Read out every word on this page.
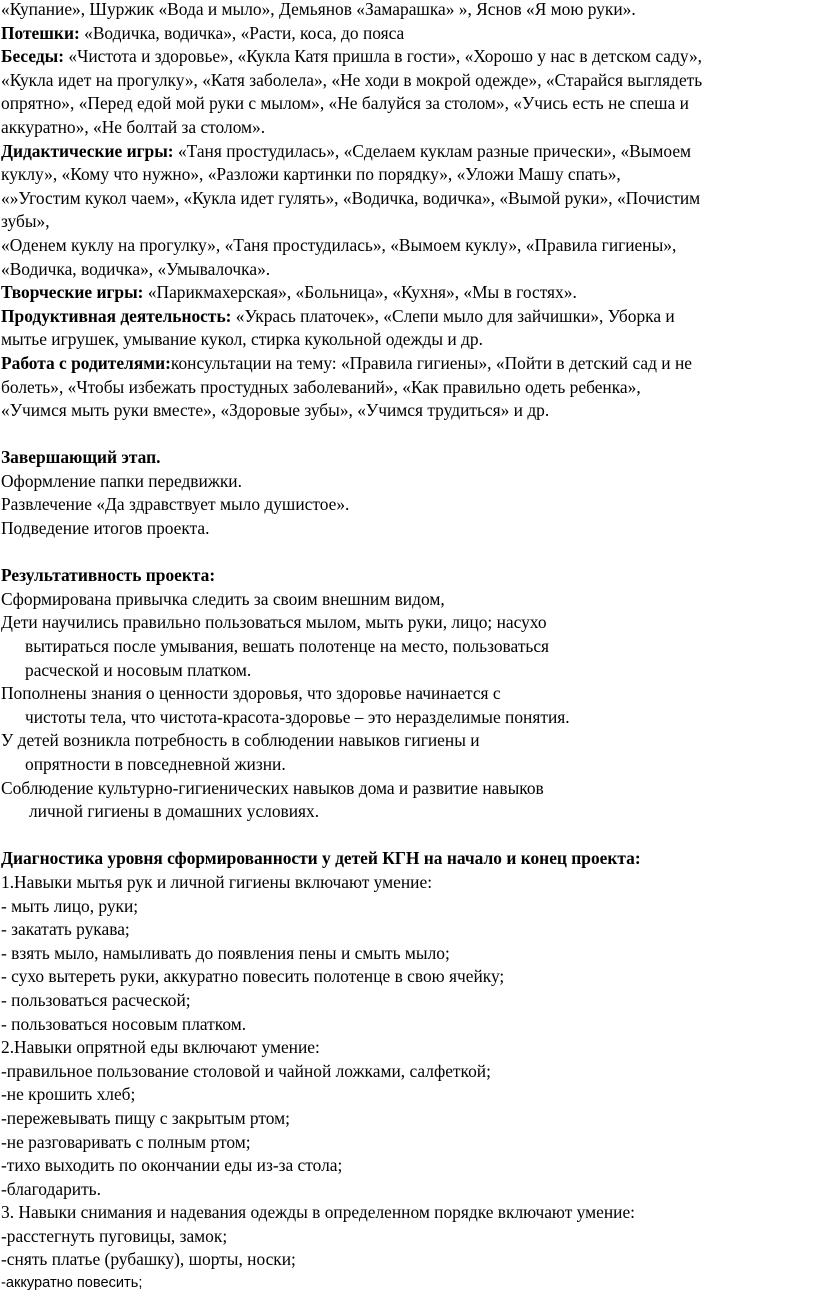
«Купание», Шуржик «Вода и мыло», Демьянов «Замарашка» », Яснов «Я мою руки».
Потешки: «Водичка, водичка», «Расти, коса, до пояса
Беседы: «Чистота и здоровье», «Кукла Катя пришла в гости», «Хорошо у нас в детском саду»,
«Кукла идет на прогулку», «Катя заболела», «Не ходи в мокрой одежде», «Старайся выглядеть
опрятно», «Перед едой мой руки с мылом», «Не балуйся за столом», «Учись есть не спеша и
аккуратно», «Не болтай за столом».
Дидактические игры: «Таня простудилась», «Сделаем куклам разные прически», «Вымоем
куклу», «Кому что нужно», «Разложи картинки по порядку», «Уложи Машу спать»,
«»Угостим кукол чаем», «Кукла идет гулять», «Водичка, водичка», «Вымой руки», «Почистим
зубы»,
«Оденем куклу на прогулку», «Таня простудилась», «Вымоем куклу», «Правила гигиены»,
«Водичка, водичка», «Умывалочка».
Творческие игры: «Парикмахерская», «Больница», «Кухня», «Мы в гостях».
Продуктивная деятельность: «Укрась платочек», «Слепи мыло для зайчишки», Уборка и
мытье игрушек, умывание кукол, стирка кукольной одежды и др.
Работа с родителями:консультации на тему: «Правила гигиены», «Пойти в детский сад и не
болеть», «Чтобы избежать простудных заболеваний», «Как правильно одеть ребенка»,
«Учимся мыть руки вместе», «Здоровые зубы», «Учимся трудиться» и др.
Завершающий этап.
Оформление папки передвижки.
Развлечение «Да здравствует мыло душистое».
Подведение итогов проекта.
Результативность проекта:
Сформирована привычка следить за своим внешним видом,
Дети научились правильно пользоваться мылом, мыть руки, лицо; насухо
вытираться после умывания, вешать полотенце на место, пользоваться
расческой и носовым платком.
Пополнены знания о ценности здоровья, что здоровье начинается с
чистоты тела, что чистота-красота-здоровье – это неразделимые понятия.
У детей возникла потребность в соблюдении навыков гигиены и
опрятности в повседневной жизни.
Соблюдение культурно-гигиенических навыков дома и развитие навыков
личной гигиены в домашних условиях.
Диагностика уровня сформированности у детей КГН на начало и конец проекта:
1.Навыки мытья рук и личной гигиены включают умение:
- мыть лицо, руки;
- закатать рукава;
- взять мыло, намыливать до появления пены и смыть мыло;
- сухо вытереть руки, аккуратно повесить полотенце в свою ячейку;
- пользоваться расческой;
- пользоваться носовым платком.
2.Навыки опрятной еды включают умение:
-правильное пользование столовой и чайной ложками, салфеткой;
-не крошить хлеб;
-пережевывать пищу с закрытым ртом;
-не разговаривать с полным ртом;
-тихо выходить по окончании еды из-за стола;
-благодарить.
3. Навыки снимания и надевания одежды в определенном порядке включают умение:
-расстегнуть пуговицы, замок;
-снять платье (рубашку), шорты, носки;
-аккуратно повесить;
